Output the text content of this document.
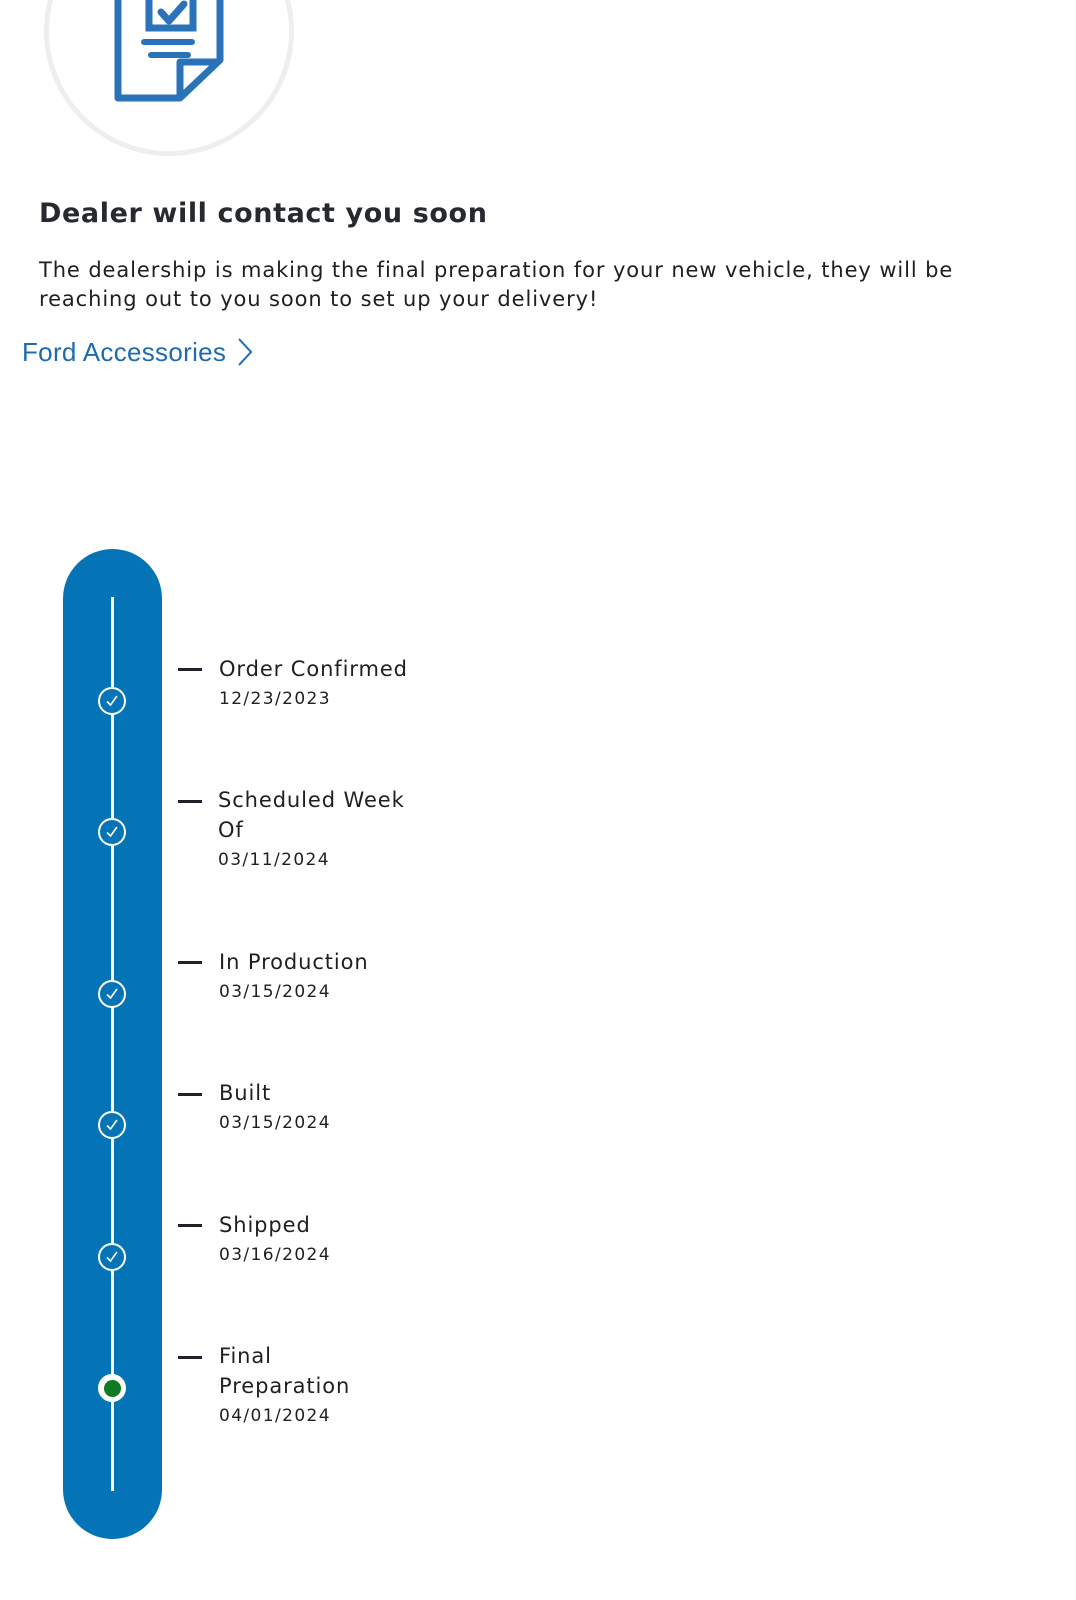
Dealer will contact you soon

The dealership is making the final preparation for your new vehicle, they will be reaching out to you soon to set up your delivery!

Ford Accessories
Order Confirmed
12/23/2023
Scheduled Week Of
03/11/2024
In Production
03/15/2024
Built
03/15/2024
Shipped
03/16/2024
Final Preparation
04/01/2024
